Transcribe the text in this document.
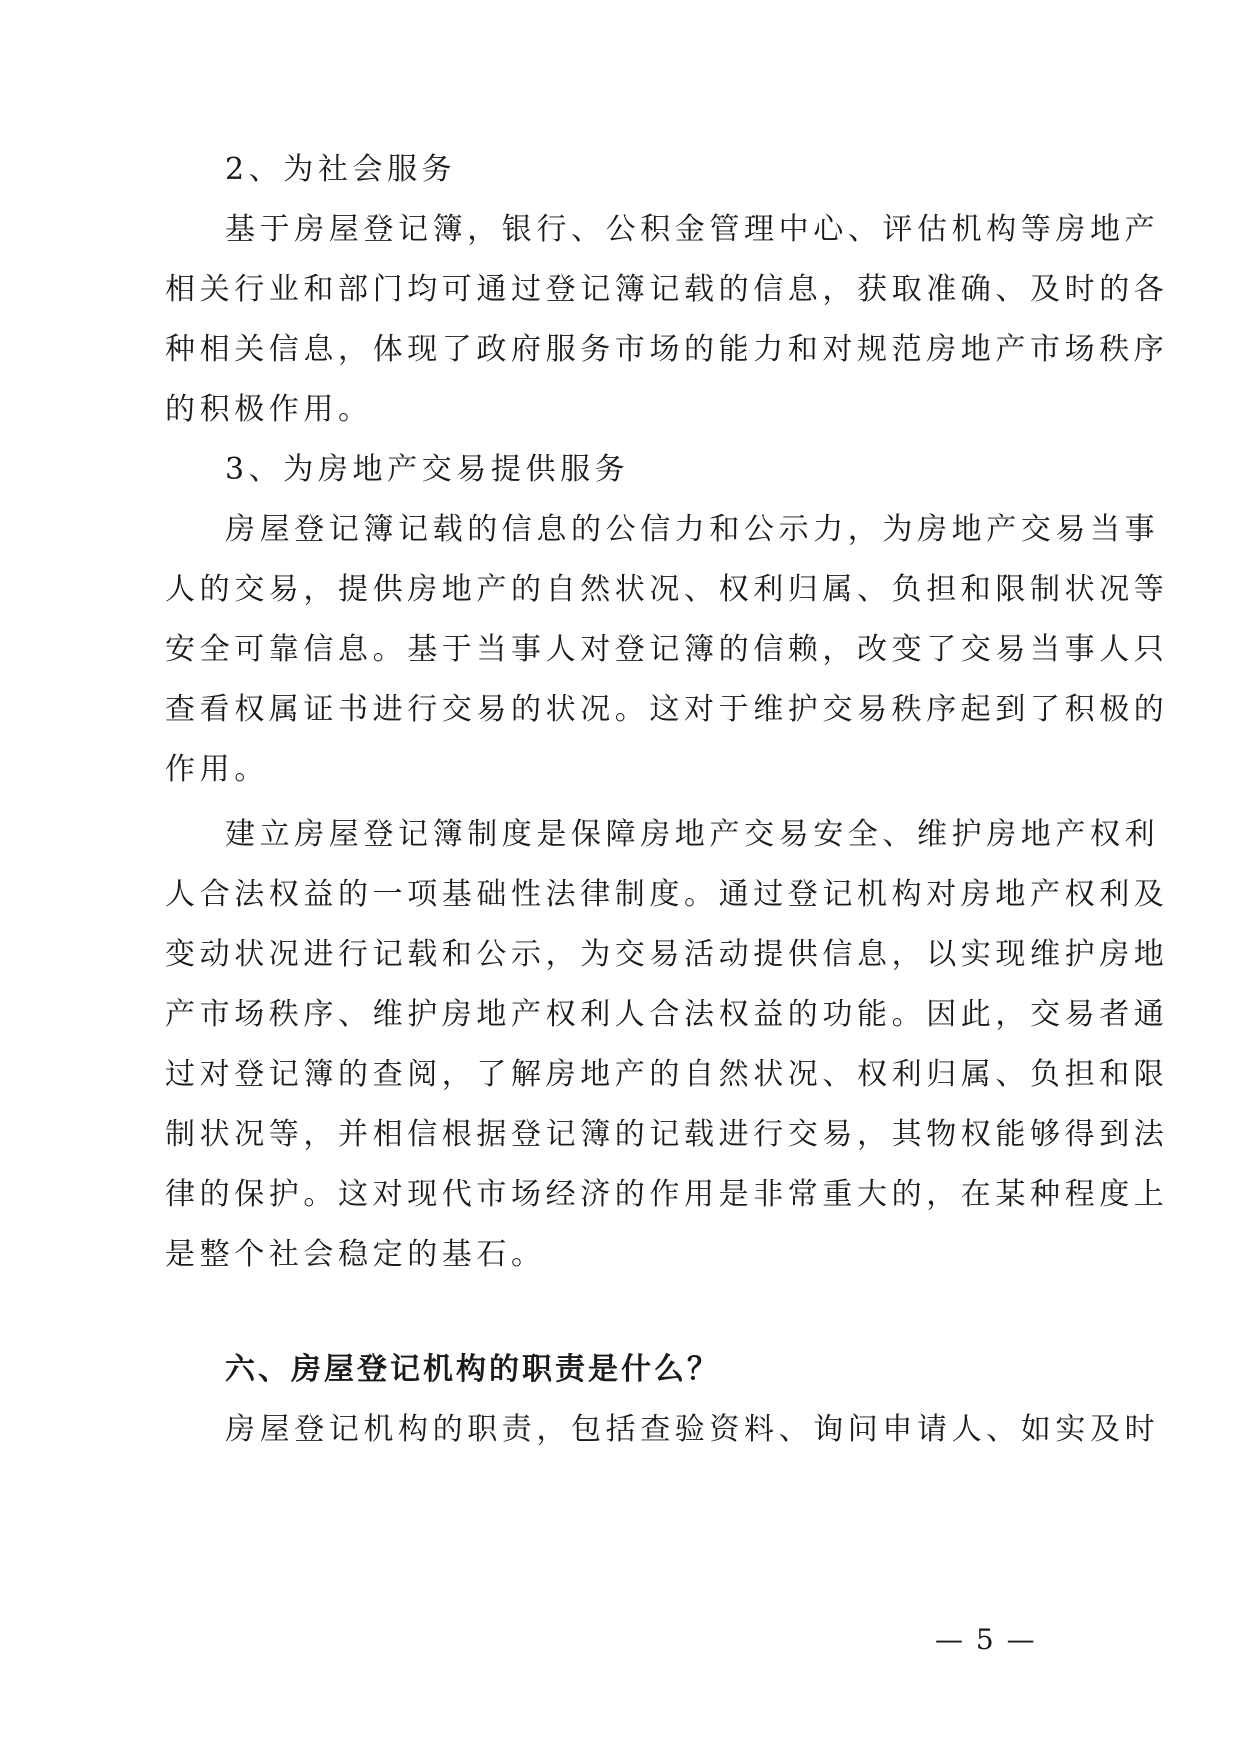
2、为社会服务
基于房屋登记簿，银行、公积金管理中心、评估机构等房地产
相关行业和部门均可通过登记簿记载的信息，获取准确、及时的各
种相关信息，体现了政府服务市场的能力和对规范房地产市场秩序
的积极作用。
3、为房地产交易提供服务
房屋登记簿记载的信息的公信力和公示力，为房地产交易当事
人的交易，提供房地产的自然状况、权利归属、负担和限制状况等
安全可靠信息。基于当事人对登记簿的信赖，改变了交易当事人只
查看权属证书进行交易的状况。这对于维护交易秩序起到了积极的
作用。
建立房屋登记簿制度是保障房地产交易安全、维护房地产权利
人合法权益的一项基础性法律制度。通过登记机构对房地产权利及
变动状况进行记载和公示，为交易活动提供信息，以实现维护房地
产市场秩序、维护房地产权利人合法权益的功能。因此，交易者通
过对登记簿的查阅，了解房地产的自然状况、权利归属、负担和限
制状况等，并相信根据登记簿的记载进行交易，其物权能够得到法
律的保护。这对现代市场经济的作用是非常重大的，在某种程度上
是整个社会稳定的基石。
六、房屋登记机构的职责是什么？
房屋登记机构的职责，包括查验资料、询问申请人、如实及时
— 5 —
